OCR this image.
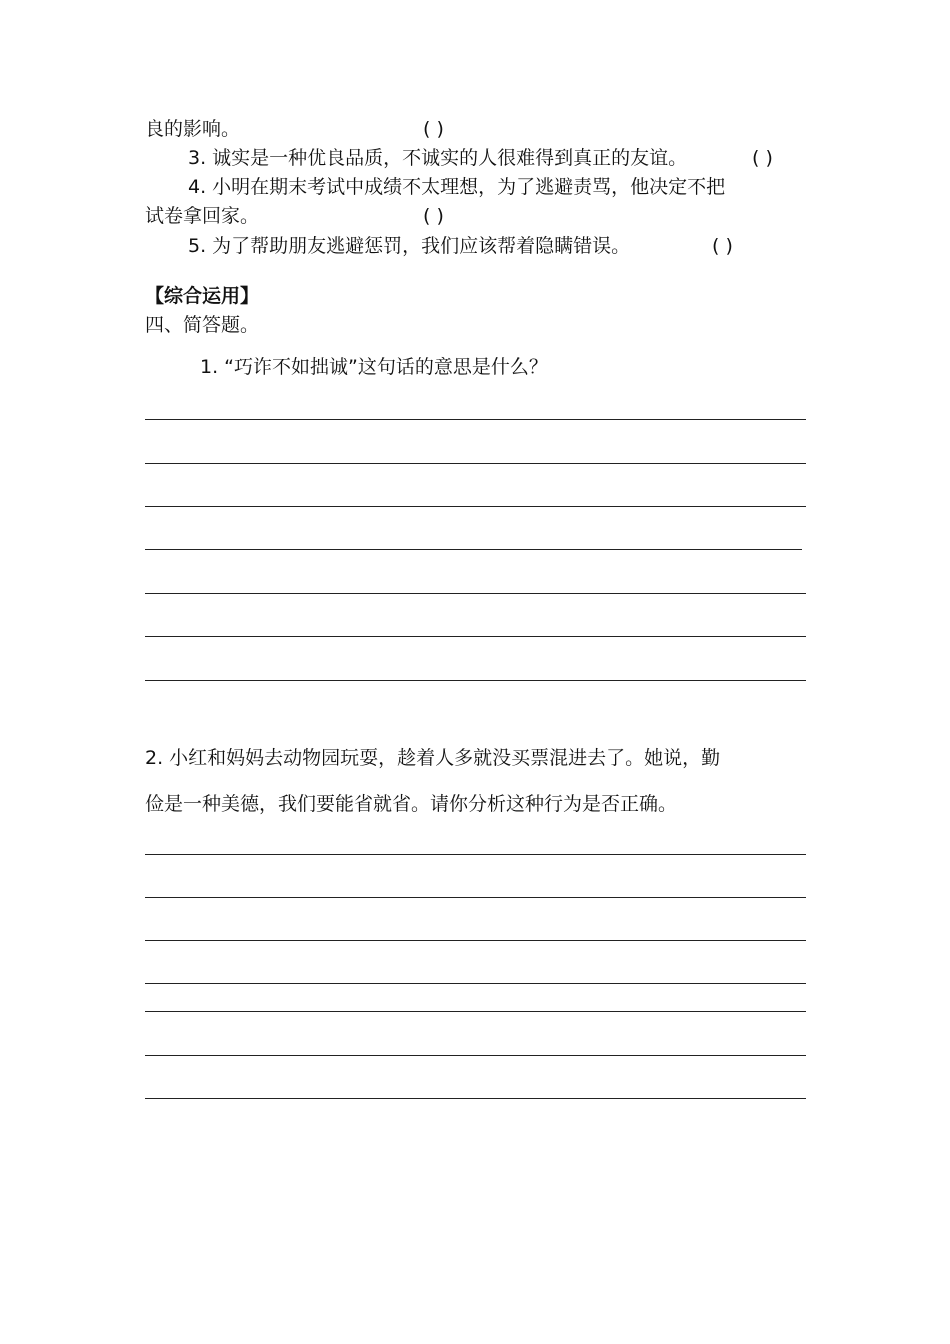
良的影响。	( )
3. 诚实是一种优良品质，不诚实的人很难得到真正的友谊。	( )
4. 小明在期末考试中成绩不太理想，为了逃避责骂，他决定不把
试卷拿回家。	( )
5. 为了帮助朋友逃避惩罚，我们应该帮着隐瞒错误。	( )
【综合运用】
四、简答题。
1. “巧诈不如拙诚”这句话的意思是什么？
2. 小红和妈妈去动物园玩耍，趁着人多就没买票混进去了。她说，勤
俭是一种美德，我们要能省就省。请你分析这种行为是否正确。
